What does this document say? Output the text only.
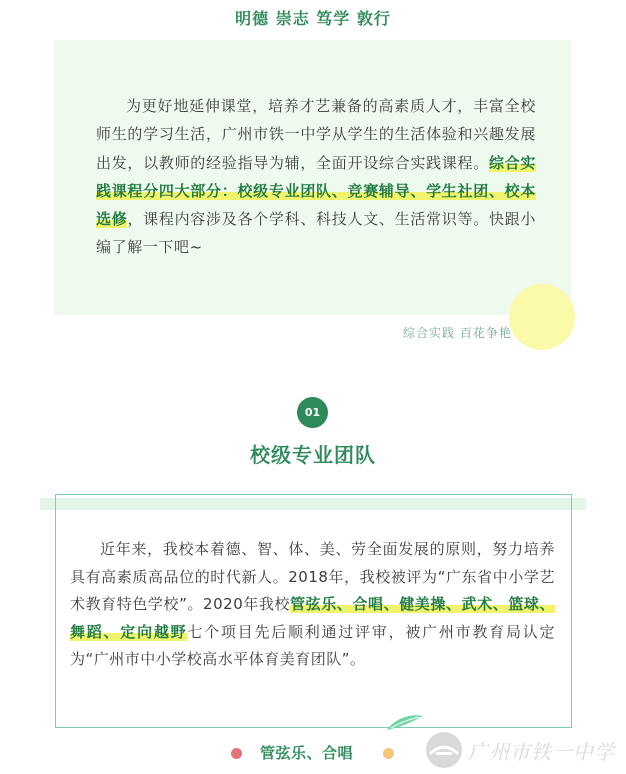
明德 崇志 笃学 敦行

为更好地延伸课堂，培养才艺兼备的高素质人才，丰富全校师生的学习生活，广州市铁一中学从学生的生活体验和兴趣发展出发，以教师的经验指导为辅，全面开设综合实践课程。综合实践课程分四大部分：校级专业团队、竞赛辅导、学生社团、校本选修，课程内容涉及各个学科、科技人文、生活常识等。快跟小编了解一下吧~

综合实践 百花争艳
01
校级专业团队

近年来，我校本着德、智、体、美、劳全面发展的原则，努力培养具有高素质高品位的时代新人。2018年，我校被评为“广东省中小学艺术教育特色学校”。2020年我校管弦乐、合唱、健美操、武术、篮球、舞蹈、定向越野七个项目先后顺利通过评审，被广州市教育局认定为“广州市中小学校高水平体育美育团队”。

管弦乐、合唱	广州市铁一中学
